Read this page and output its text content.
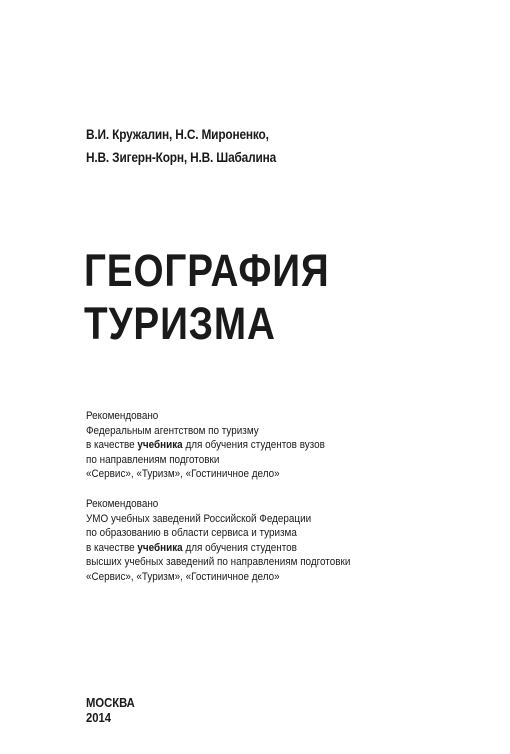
В.И. Кружалин, Н.С. Мироненко,
Н.В. Зигерн-Корн, Н.В. Шабалина
ГЕОГРАФИЯ
ТУРИЗМА
Рекомендовано
Федеральным агентством по туризму
в качестве учебника для обучения студентов вузов
по направлениям подготовки
«Сервис», «Туризм», «Гостиничное дело»
Рекомендовано
УМО учебных заведений Российской Федерации
по образованию в области сервиса и туризма
в качестве учебника для обучения студентов
высших учебных заведений по направлениям подготовки
«Сервис», «Туризм», «Гостиничное дело»
МОСКВА
2014
